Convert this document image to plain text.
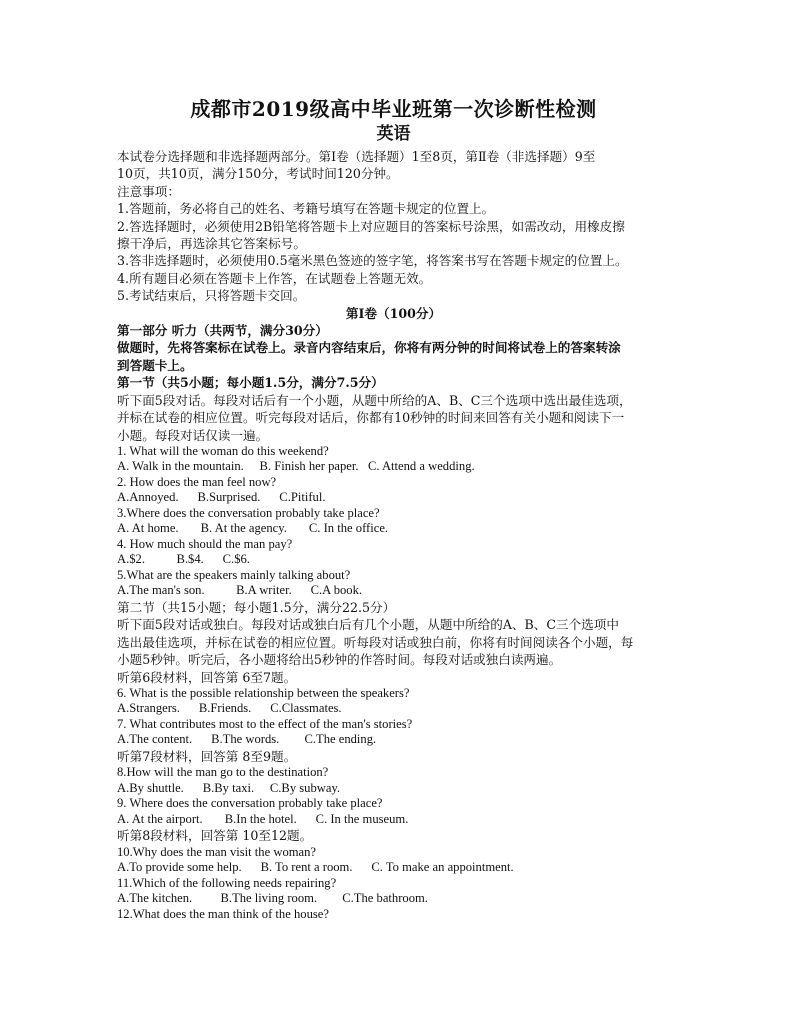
成都市2019级高中毕业班第一次诊断性检测
英语

本试卷分选择题和非选择题两部分。第Ⅰ卷（选择题）1至8页，第Ⅱ卷（非选择题）9至

10页，共10页，满分150分，考试时间120分钟。

注意事项：

1.答题前，务必将自己的姓名、考籍号填写在答题卡规定的位置上。

2.答选择题时，必须使用2B铅笔将答题卡上对应题目的答案标号涂黑，如需改动，用橡皮擦

擦干净后，再选涂其它答案标号。

3.答非选择题时，必须使用0.5毫米黑色签迹的签字笔，将答案书写在答题卡规定的位置上。

4.所有题目必须在答题卡上作答，在试题卷上答题无效。

5.考试结束后，只将答题卡交回。

第Ⅰ卷（100分）

第一部分 听力（共两节，满分30分）

做题时，先将答案标在试卷上。录音内容结束后，你将有两分钟的时间将试卷上的答案转涂

到答题卡上。

第一节（共5小题；每小题1.5分，满分7.5分）

听下面5段对话。每段对话后有一个小题，从题中所给的A、B、C三个选项中选出最佳选项，

并标在试卷的相应位置。听完每段对话后，你都有10秒钟的时间来回答有关小题和阅读下一

小题。每段对话仅读一遍。

1. What will the woman do this weekend?

A. Walk in the mountain.     B. Finish her paper.   C. Attend a wedding.

2. How does the man feel now?

A.Annoyed.      B.Surprised.      C.Pitiful.

3.Where does the conversation probably take place?

A. At home.       B. At the agency.       C. In the office.

4. How much should the man pay?

A.$2.          B.$4.      C.$6.

5.What are the speakers mainly talking about?

A.The man's son.          B.A writer.      C.A book.

第二节（共15小题；每小题1.5分，满分22.5分）

听下面5段对话或独白。每段对话或独白后有几个小题，从题中所给的A、B、C三个选项中

选出最佳选项，并标在试卷的相应位置。听每段对话或独白前，你将有时间阅读各个小题，每

小题5秒钟。听完后，各小题将给出5秒钟的作答时间。每段对话或独白读两遍。

听第6段材料，回答第 6至7题。

6. What is the possible relationship between the speakers?

A.Strangers.      B.Friends.      C.Classmates.

7. What contributes most to the effect of the man's stories?

A.The content.      B.The words.        C.The ending.

听第7段材料，回答第 8至9题。

8.How will the man go to the destination?

A.By shuttle.      B.By taxi.     C.By subway.

9. Where does the conversation probably take place?

A. At the airport.       B.In the hotel.      C. In the museum.

听第8段材料，回答第 10至12题。

10.Why does the man visit the woman?

A.To provide some help.      B. To rent a room.      C. To make an appointment.

11.Which of the following needs repairing?

A.The kitchen.         B.The living room.        C.The bathroom.

12.What does the man think of the house?
